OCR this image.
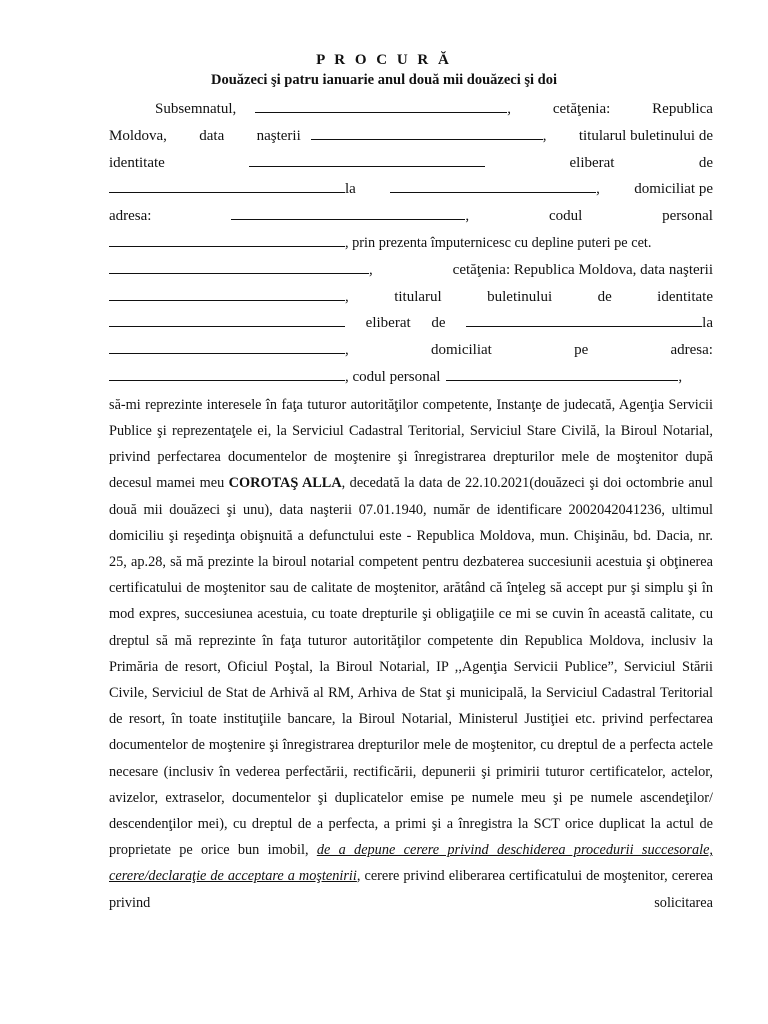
P R O C U R Ă
Douăzeci şi patru ianuarie anul două mii douăzeci şi doi
Subsemnatul,	,	cetăţenia:	Republica
Moldova, data naşterii	, titularul buletinului de
identitate	eliberat	de
la	, domiciliat pe
adresa:	,	codul	personal
, prin prezenta împuternicesc cu depline puteri pe cet.
,	cetăţenia: Republica Moldova, data naşterii
,	titularul	buletinului	de	identitate
eliberat de	la
,	domiciliat	pe	adresa:
, codul personal	,
să-mi reprezinte interesele în faţa tuturor autorităţilor competente, Instanţe de judecată, Agenţia Servicii Publice şi reprezentaţele ei, la Serviciul Cadastral Teritorial, Serviciul Stare Civilă, la Biroul Notarial, privind perfectarea documentelor de moştenire şi înregistrarea drepturilor mele de moştenitor după decesul mamei meu COROTAŞ ALLA, decedată la data de 22.10.2021(douăzeci şi doi octombrie anul două mii douăzeci şi unu), data naşterii 07.01.1940, număr de identificare 2002042041236, ultimul domiciliu şi reşedinţa obişnuită a defunctului este - Republica Moldova, mun. Chişinău, bd. Dacia, nr. 25, ap.28, să mă prezinte la biroul notarial competent pentru dezbaterea succesiunii acestuia şi obţinerea certificatului de moştenitor sau de calitate de moştenitor, arătând că înţeleg să accept pur şi simplu şi în mod expres, succesiunea acestuia, cu toate drepturile şi obligaţiile ce mi se cuvin în această calitate, cu dreptul să mă reprezinte în faţa tuturor autorităţilor competente din Republica Moldova, inclusiv la Primăria de resort, Oficiul Poştal, la Biroul Notarial, IP ,,Agenţia Servicii Publice”, Serviciul Stării Civile, Serviciul de Stat de Arhivă al RM, Arhiva de Stat şi municipală, la Serviciul Cadastral Teritorial de resort, în toate instituţiile bancare, la Biroul Notarial, Ministerul Justiţiei etc. privind perfectarea documentelor de moştenire şi înregistrarea drepturilor mele de moştenitor, cu dreptul de a perfecta actele necesare (inclusiv în vederea perfectării, rectificării, depunerii şi primirii tuturor certificatelor, actelor, avizelor, extraselor, documentelor şi duplicatelor emise pe numele meu şi pe numele ascendeţilor/ descendenţilor mei), cu dreptul de a perfecta, a primi şi a înregistra la SCT orice duplicat la actul de proprietate pe orice bun imobil, de a depune cerere privind deschiderea procedurii succesorale, cerere/declaraţie de acceptare a moştenirii, cerere privind eliberarea certificatului de moştenitor, cererea privind solicitarea
